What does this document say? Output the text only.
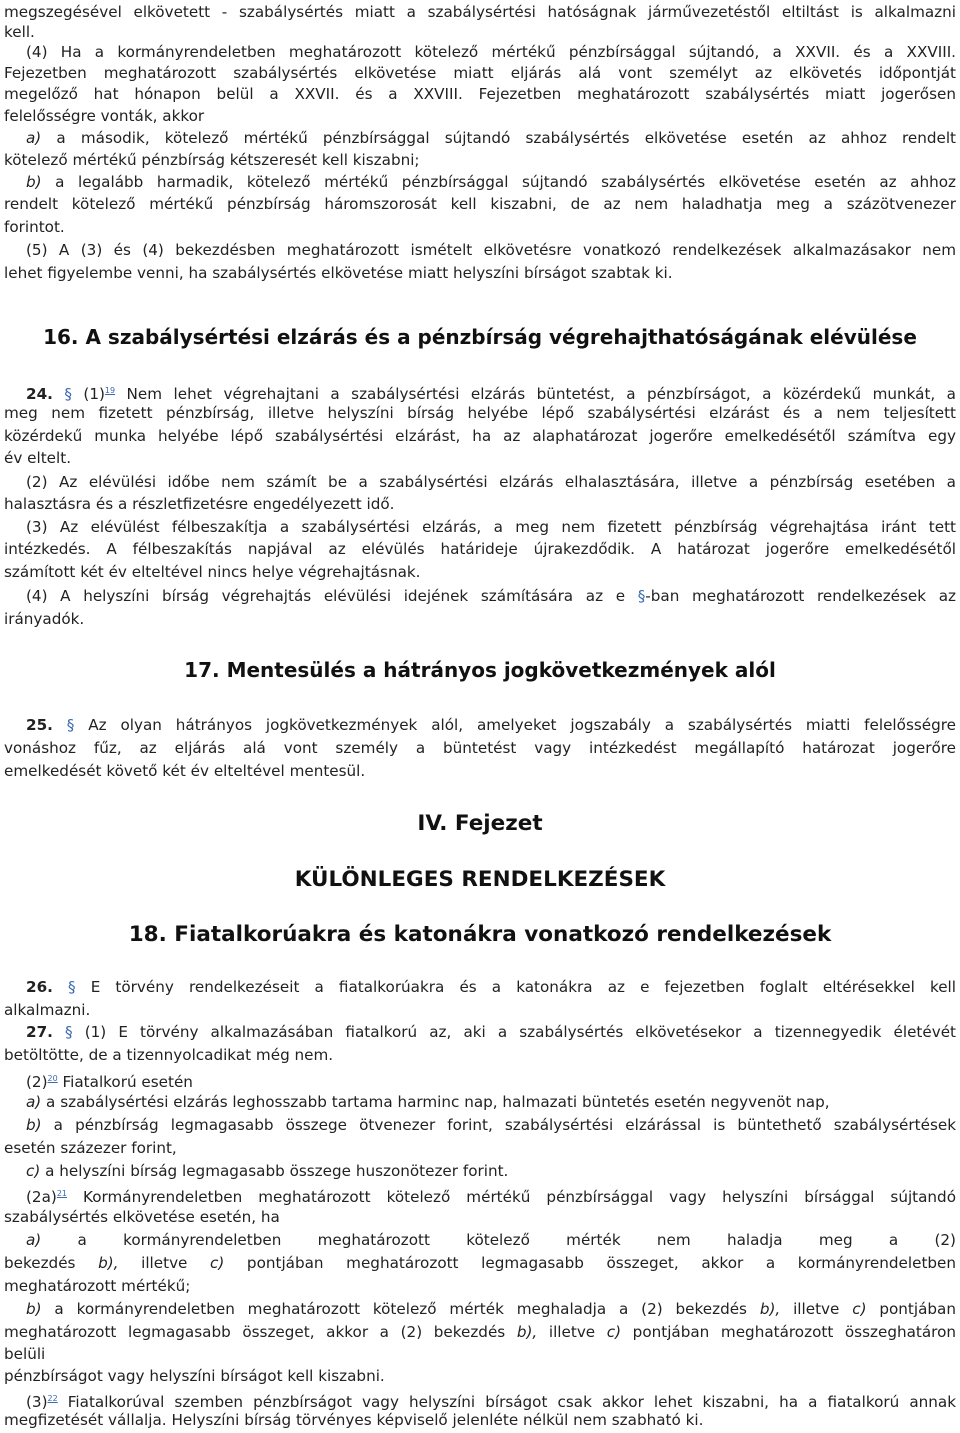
megszegésével elkövetett - szabálysértés miatt a szabálysértési hatóságnak járművezetéstől eltiltást is alkalmazni
kell.
(4) Ha a kormányrendeletben meghatározott kötelező mértékű pénzbírsággal sújtandó, a XXVII. és a XXVIII.
Fejezetben meghatározott szabálysértés elkövetése miatt eljárás alá vont személyt az elkövetés időpontját
megelőző hat hónapon belül a XXVII. és a XXVIII. Fejezetben meghatározott szabálysértés miatt jogerősen
felelősségre vonták, akkor
a) a második, kötelező mértékű pénzbírsággal sújtandó szabálysértés elkövetése esetén az ahhoz rendelt
kötelező mértékű pénzbírság kétszeresét kell kiszabni;
b) a legalább harmadik, kötelező mértékű pénzbírsággal sújtandó szabálysértés elkövetése esetén az ahhoz
rendelt kötelező mértékű pénzbírság háromszorosát kell kiszabni, de az nem haladhatja meg a százötvenezer
forintot.
(5) A (3) és (4) bekezdésben meghatározott ismételt elkövetésre vonatkozó rendelkezések alkalmazásakor nem
lehet figyelembe venni, ha szabálysértés elkövetése miatt helyszíni bírságot szabtak ki.
16. A szabálysértési elzárás és a pénzbírság végrehajthatóságának elévülése
24. § (1)$^{19}$ Nem lehet végrehajtani a szabálysértési elzárás büntetést, a pénzbírságot, a közérdekű munkát, a
meg nem fizetett pénzbírság, illetve helyszíni bírság helyébe lépő szabálysértési elzárást és a nem teljesített
közérdekű munka helyébe lépő szabálysértési elzárást, ha az alaphatározat jogerőre emelkedésétől számítva egy
év eltelt.
(2) Az elévülési időbe nem számít be a szabálysértési elzárás elhalasztására, illetve a pénzbírság esetében a
halasztásra és a részletfizetésre engedélyezett idő.
(3) Az elévülést félbeszakítja a szabálysértési elzárás, a meg nem fizetett pénzbírság végrehajtása iránt tett
intézkedés. A félbeszakítás napjával az elévülés határideje újrakezdődik. A határozat jogerőre emelkedésétől
számított két év elteltével nincs helye végrehajtásnak.
(4) A helyszíni bírság végrehajtás elévülési idejének számítására az e §-ban meghatározott rendelkezések az
irányadók.
17. Mentesülés a hátrányos jogkövetkezmények alól
25. § Az olyan hátrányos jogkövetkezmények alól, amelyeket jogszabály a szabálysértés miatti felelősségre
vonáshoz fűz, az eljárás alá vont személy a büntetést vagy intézkedést megállapító határozat jogerőre
emelkedését követő két év elteltével mentesül.
IV. Fejezet
KÜLÖNLEGES RENDELKEZÉSEK
18. Fiatalkorúakra és katonákra vonatkozó rendelkezések
26. § E törvény rendelkezéseit a fiatalkorúakra és a katonákra az e fejezetben foglalt eltérésekkel kell
alkalmazni.
27. § (1) E törvény alkalmazásában fiatalkorú az, aki a szabálysértés elkövetésekor a tizennegyedik életévét
betöltötte, de a tizennyolcadikat még nem.
(2)$^{20}$ Fiatalkorú esetén
a) a szabálysértési elzárás leghosszabb tartama harminc nap, halmazati büntetés esetén negyvenöt nap,
b) a pénzbírság legmagasabb összege ötvenezer forint, szabálysértési elzárással is büntethető szabálysértések
esetén százezer forint,
c) a helyszíni bírság legmagasabb összege huszonötezer forint.
(2a)$^{21}$ Kormányrendeletben meghatározott kötelező mértékű pénzbírsággal vagy helyszíni bírsággal sújtandó
szabálysértés elkövetése esetén, ha
a) a kormányrendeletben meghatározott kötelező mérték nem haladja meg a (2)
bekezdés b), illetve c) pontjában meghatározott legmagasabb összeget, akkor a kormányrendeletben
meghatározott mértékű;
b) a kormányrendeletben meghatározott kötelező mérték meghaladja a (2) bekezdés b), illetve c) pontjában
meghatározott legmagasabb összeget, akkor a (2) bekezdés b), illetve c) pontjában meghatározott összeghatáron
belüli
pénzbírságot vagy helyszíni bírságot kell kiszabni.
(3)$^{22}$ Fiatalkorúval szemben pénzbírságot vagy helyszíni bírságot csak akkor lehet kiszabni, ha a fiatalkorú annak
megfizetését vállalja. Helyszíni bírság törvényes képviselő jelenléte nélkül nem szabható ki.
